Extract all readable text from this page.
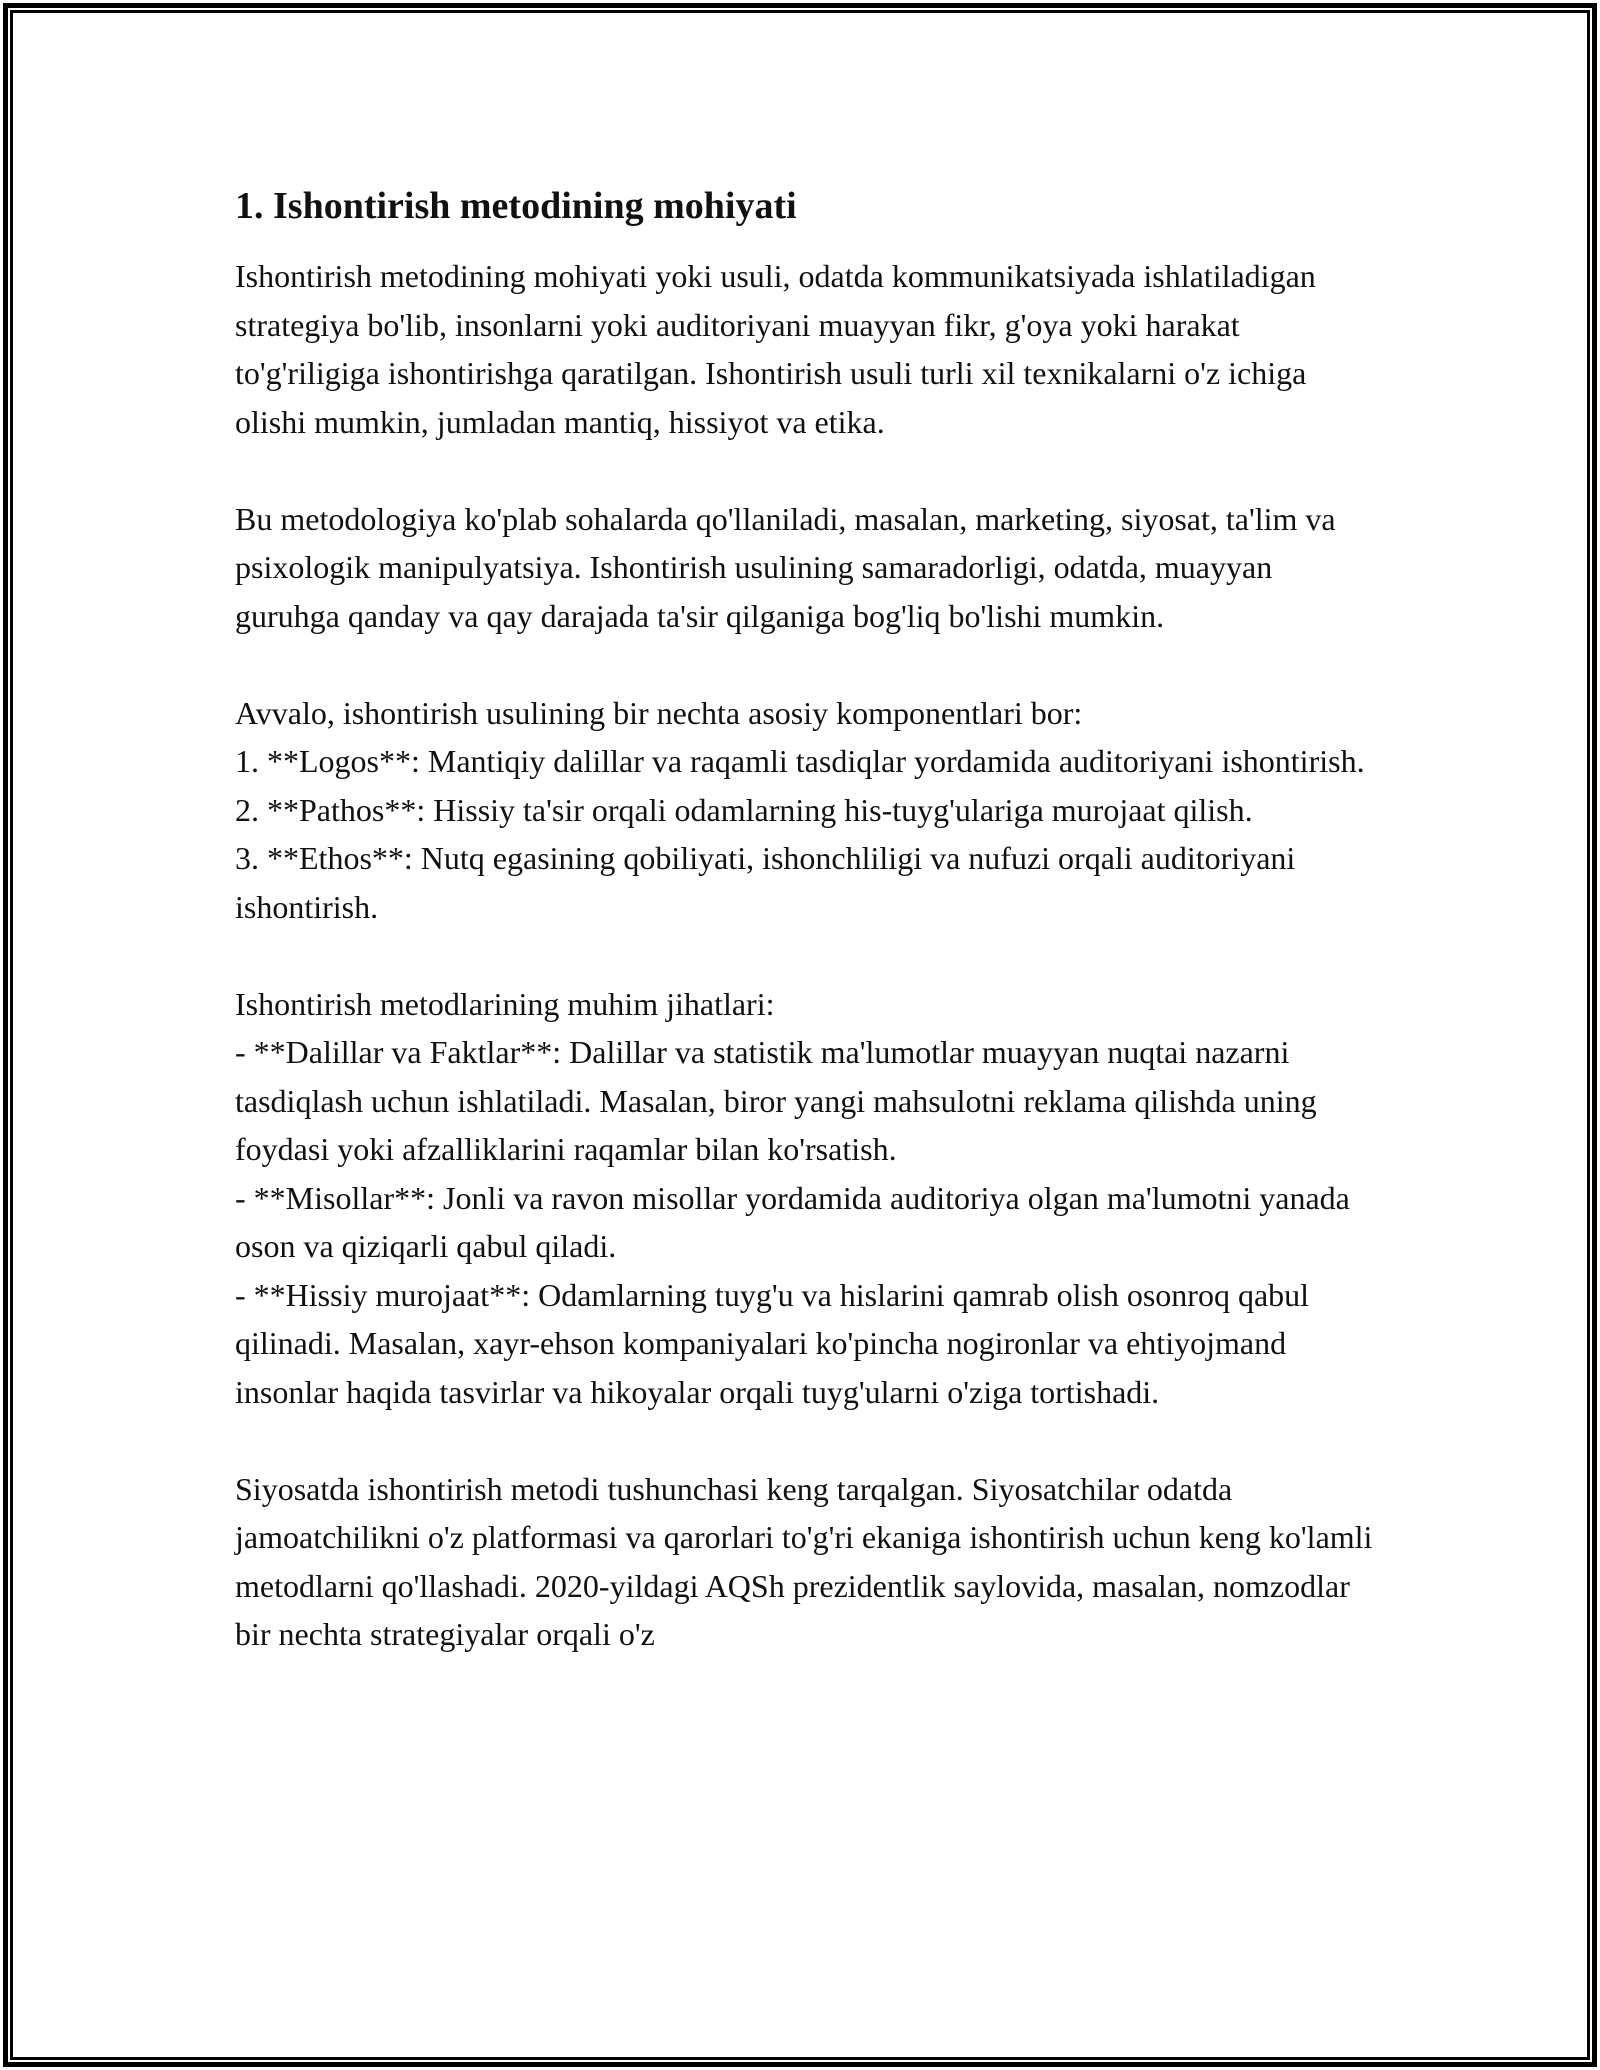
1. Ishontirish metodining mohiyati

Ishontirish metodining mohiyati yoki usuli, odatda kommunikatsiyada ishlatiladigan strategiya bo'lib, insonlarni yoki auditoriyani muayyan fikr, g'oya yoki harakat to'g'riligiga ishontirishga qaratilgan. Ishontirish usuli turli xil texnikalarni o'z ichiga olishi mumkin, jumladan mantiq, hissiyot va etika.

Bu metodologiya ko'plab sohalarda qo'llaniladi, masalan, marketing, siyosat, ta'lim va psixologik manipulyatsiya. Ishontirish usulining samaradorligi, odatda, muayyan guruhga qanday va qay darajada ta'sir qilganiga bog'liq bo'lishi mumkin.

Avvalo, ishontirish usulining bir nechta asosiy komponentlari bor:
1. **Logos**: Mantiqiy dalillar va raqamli tasdiqlar yordamida auditoriyani ishontirish.
2. **Pathos**: Hissiy ta'sir orqali odamlarning his-tuyg'ulariga murojaat qilish.
3. **Ethos**: Nutq egasining qobiliyati, ishonchliligi va nufuzi orqali auditoriyani ishontirish.

Ishontirish metodlarining muhim jihatlari:
- **Dalillar va Faktlar**: Dalillar va statistik ma'lumotlar muayyan nuqtai nazarni tasdiqlash uchun ishlatiladi. Masalan, biror yangi mahsulotni reklama qilishda uning foydasi yoki afzalliklarini raqamlar bilan ko'rsatish.
- **Misollar**: Jonli va ravon misollar yordamida auditoriya olgan ma'lumotni yanada oson va qiziqarli qabul qiladi.
- **Hissiy murojaat**: Odamlarning tuyg'u va hislarini qamrab olish osonroq qabul qilinadi. Masalan, xayr-ehson kompaniyalari ko'pincha nogironlar va ehtiyojmand insonlar haqida tasvirlar va hikoyalar orqali tuyg'ularni o'ziga tortishadi.

Siyosatda ishontirish metodi tushunchasi keng tarqalgan. Siyosatchilar odatda jamoatchilikni o'z platformasi va qarorlari to'g'ri ekaniga ishontirish uchun keng ko'lamli metodlarni qo'llashadi. 2020-yildagi AQSh prezidentlik saylovida, masalan, nomzodlar bir nechta strategiyalar orqali o'z
